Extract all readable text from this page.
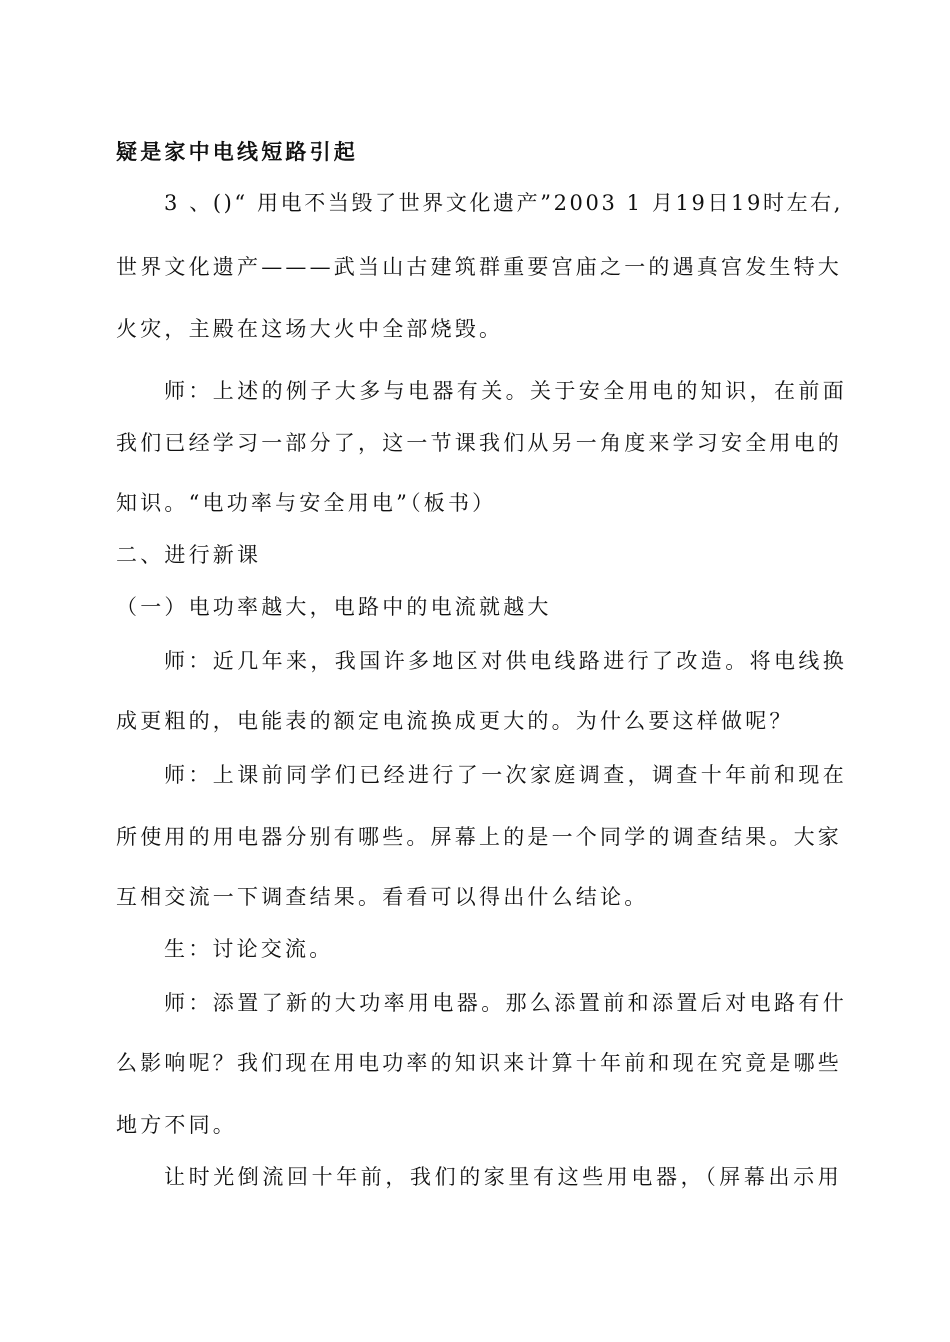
疑是家中电线短路引起
3 、()“ 用电不当毁了世界文化遗产”2003 1 月19日19时左右,
世界文化遗产———武当山古建筑群重要宫庙之一的遇真宫发生特大
火灾，主殿在这场大火中全部烧毁。
师：上述的例子大多与电器有关。关于安全用电的知识，在前面
我们已经学习一部分了，这一节课我们从另一角度来学习安全用电的
知识。“电功率与安全用电”（板书）
二、进行新课
（一）电功率越大，电路中的电流就越大
师：近几年来，我国许多地区对供电线路进行了改造。将电线换
成更粗的，电能表的额定电流换成更大的。为什么要这样做呢？
师：上课前同学们已经进行了一次家庭调查，调查十年前和现在
所使用的用电器分别有哪些。屏幕上的是一个同学的调查结果。大家
互相交流一下调查结果。看看可以得出什么结论。
生：讨论交流。
师：添置了新的大功率用电器。那么添置前和添置后对电路有什
么影响呢？我们现在用电功率的知识来计算十年前和现在究竟是哪些
地方不同。
让时光倒流回十年前，我们的家里有这些用电器，（屏幕出示用
